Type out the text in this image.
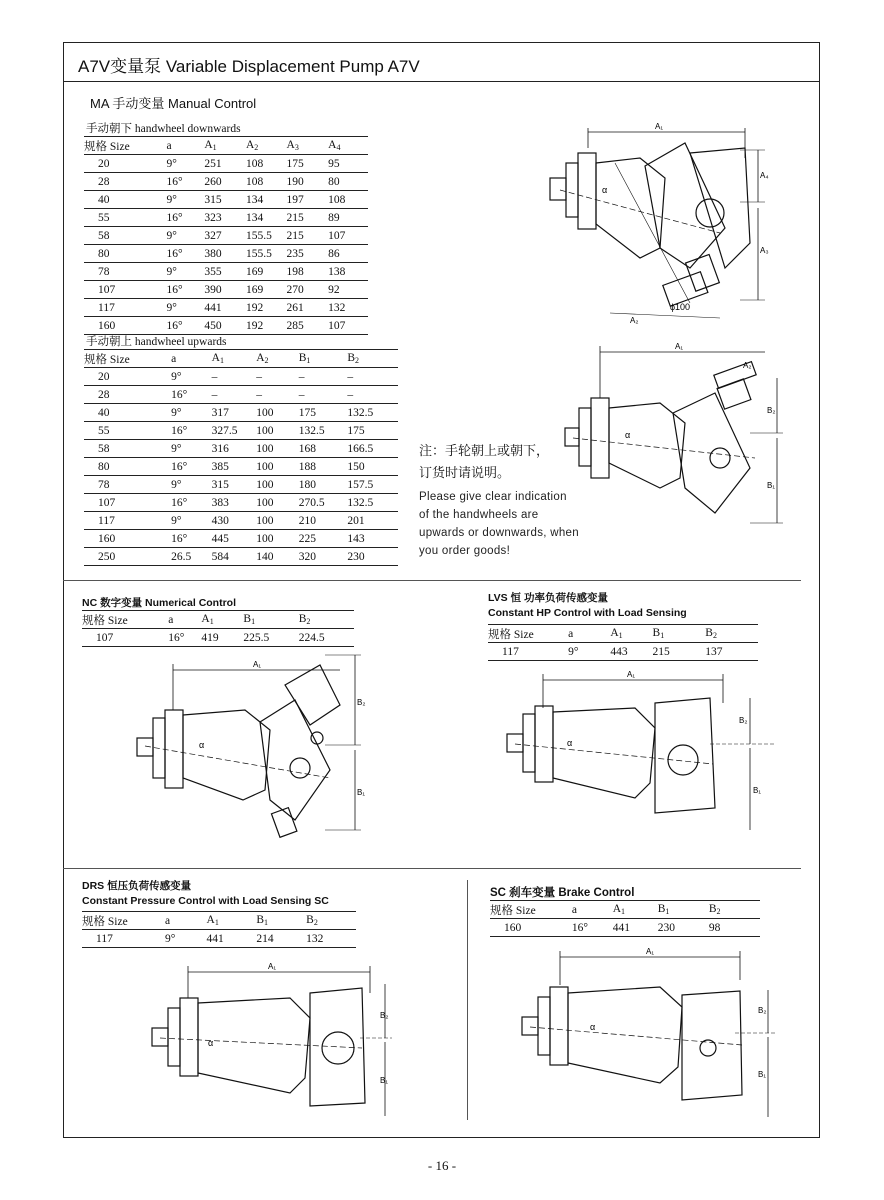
A7V变量泵 Variable Displacement Pump A7V
MA 手动变量 Manual Control
手动朝下 handwheel downwards
规格 Size	a	$A_1$	$A_2$	$A_3$	$A_4$
20	9°	251	108	175	95
28	16°	260	108	190	80
40	9°	315	134	197	108
55	16°	323	134	215	89
58	9°	327	155.5	215	107
80	16°	380	155.5	235	86
78	9°	355	169	198	138
107	16°	390	169	270	92
117	9°	441	192	261	132
160	16°	450	192	285	107
手动朝上 handwheel upwards
规格 Size	a	$A_1$	$A_2$	$B_1$	$B_2$
20	9°	–	–	–	–
28	16°	–	–	–	–
40	9°	317	100	175	132.5
55	16°	327.5	100	132.5	175
58	9°	316	100	168	166.5
80	16°	385	100	188	150
78	9°	315	100	180	157.5
107	16°	383	100	270.5	132.5
117	9°	430	100	210	201
160	16°	445	100	225	143
250	26.5	584	140	320	230
注：手轮朝上或朝下，
订货时请说明。
Please give clear indication of the handwheels are upwards or downwards, when you order goods!
A₁
A₄
A₃
A₂
ϕ100
α
A₁
A₂
B₂
B₁
α
NC 数字变量 Numerical Control
规格 Size	a	$A_1$	$B_1$	$B_2$
107	16°	419	225.5	224.5
A₁
B₂
B₁
α
LVS 恒 功率负荷传感变量
Constant HP Control with Load Sensing
规格 Size	a	$A_1$	$B_1$	$B_2$
117	9°	443	215	137
A₁
B₂
B₁
α
DRS 恒压负荷传感变量
Constant Pressure Control with Load Sensing SC
规格 Size	a	$A_1$	$B_1$	$B_2$
117	9°	441	214	132
A₁
B₂
B₁
α
SC 刹车变量 Brake Control
规格 Size	a	$A_1$	$B_1$	$B_2$
160	16°	441	230	98
A₁
B₂
B₁
α
- 16 -
